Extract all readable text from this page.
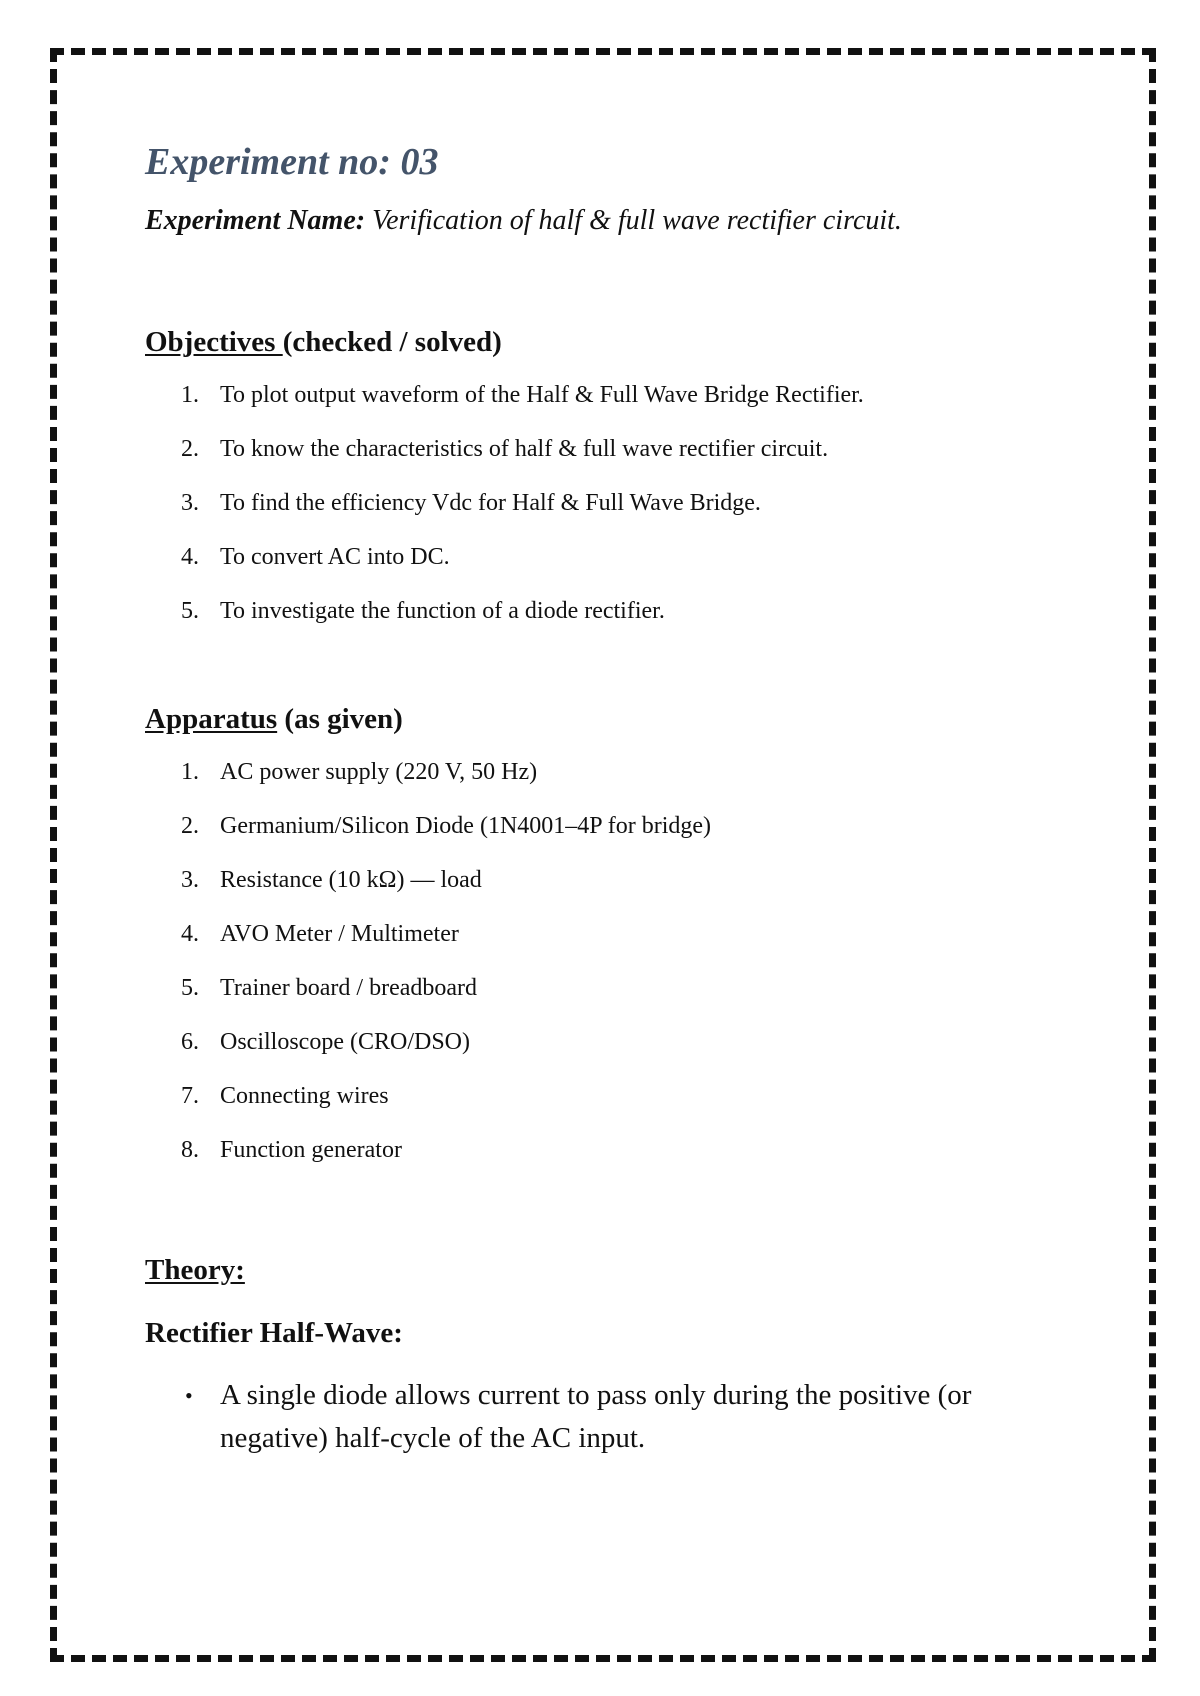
Experiment no: 03

Experiment Name: Verification of half & full wave rectifier circuit.

Objectives (checked / solved)
1. To plot output waveform of the Half & Full Wave Bridge Rectifier.
2. To know the characteristics of half & full wave rectifier circuit.
3. To find the efficiency Vdc for Half & Full Wave Bridge.
4. To convert AC into DC.
5. To investigate the function of a diode rectifier.
Apparatus (as given)
1. AC power supply (220 V, 50 Hz)
2. Germanium/Silicon Diode (1N4001–4P for bridge)
3. Resistance (10 kΩ) — load
4. AVO Meter / Multimeter
5. Trainer board / breadboard
6. Oscilloscope (CRO/DSO)
7. Connecting wires
8. Function generator
Theory:
Rectifier Half-Wave:
• A single diode allows current to pass only during the positive (or negative) half-cycle of the AC input.
